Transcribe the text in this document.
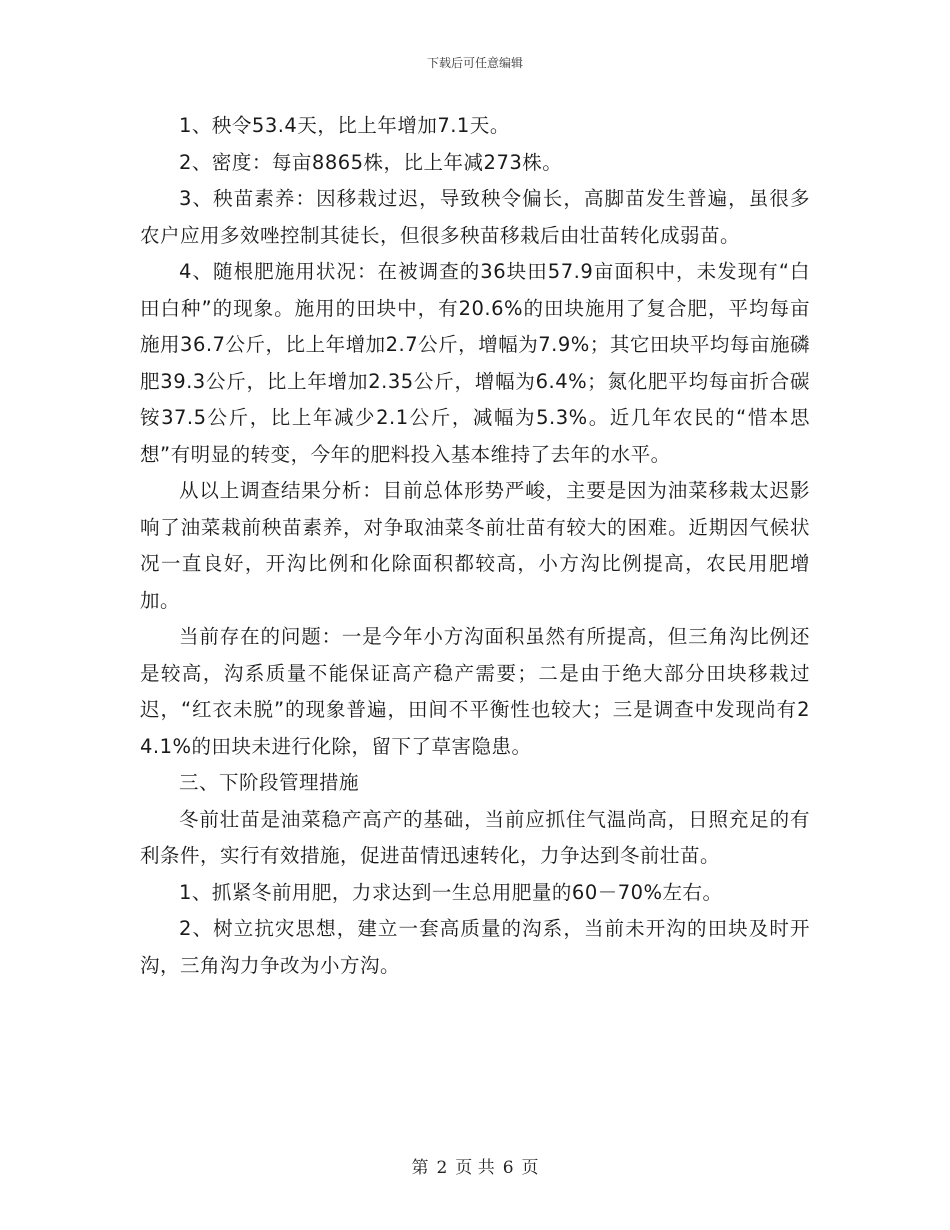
下载后可任意编辑

1、秧令53.4天，比上年增加7.1天。

2、密度：每亩8865株，比上年减273株。

3、秧苗素养：因移栽过迟，导致秧令偏长，高脚苗发生普遍，虽很多农户应用多效唑控制其徒长，但很多秧苗移栽后由壮苗转化成弱苗。

4、随根肥施用状况：在被调查的36块田57.9亩面积中，未发现有“白田白种”的现象。施用的田块中，有20.6%的田块施用了复合肥，平均每亩施用36.7公斤，比上年增加2.7公斤，增幅为7.9%；其它田块平均每亩施磷肥39.3公斤，比上年增加2.35公斤，增幅为6.4%；氮化肥平均每亩折合碳铵37.5公斤，比上年减少2.1公斤，减幅为5.3%。近几年农民的“惜本思想”有明显的转变，今年的肥料投入基本维持了去年的水平。

从以上调查结果分析：目前总体形势严峻，主要是因为油菜移栽太迟影响了油菜栽前秧苗素养，对争取油菜冬前壮苗有较大的困难。近期因气候状况一直良好，开沟比例和化除面积都较高，小方沟比例提高，农民用肥增加。

当前存在的问题：一是今年小方沟面积虽然有所提高，但三角沟比例还是较高，沟系质量不能保证高产稳产需要；二是由于绝大部分田块移栽过迟，“红衣未脱”的现象普遍，田间不平衡性也较大；三是调查中发现尚有24.1%的田块未进行化除，留下了草害隐患。

三、下阶段管理措施

冬前壮苗是油菜稳产高产的基础，当前应抓住气温尚高，日照充足的有利条件，实行有效措施，促进苗情迅速转化，力争达到冬前壮苗。

1、抓紧冬前用肥，力求达到一生总用肥量的60－70%左右。

2、树立抗灾思想，建立一套高质量的沟系，当前未开沟的田块及时开沟，三角沟力争改为小方沟。

第 2 页 共 6 页
